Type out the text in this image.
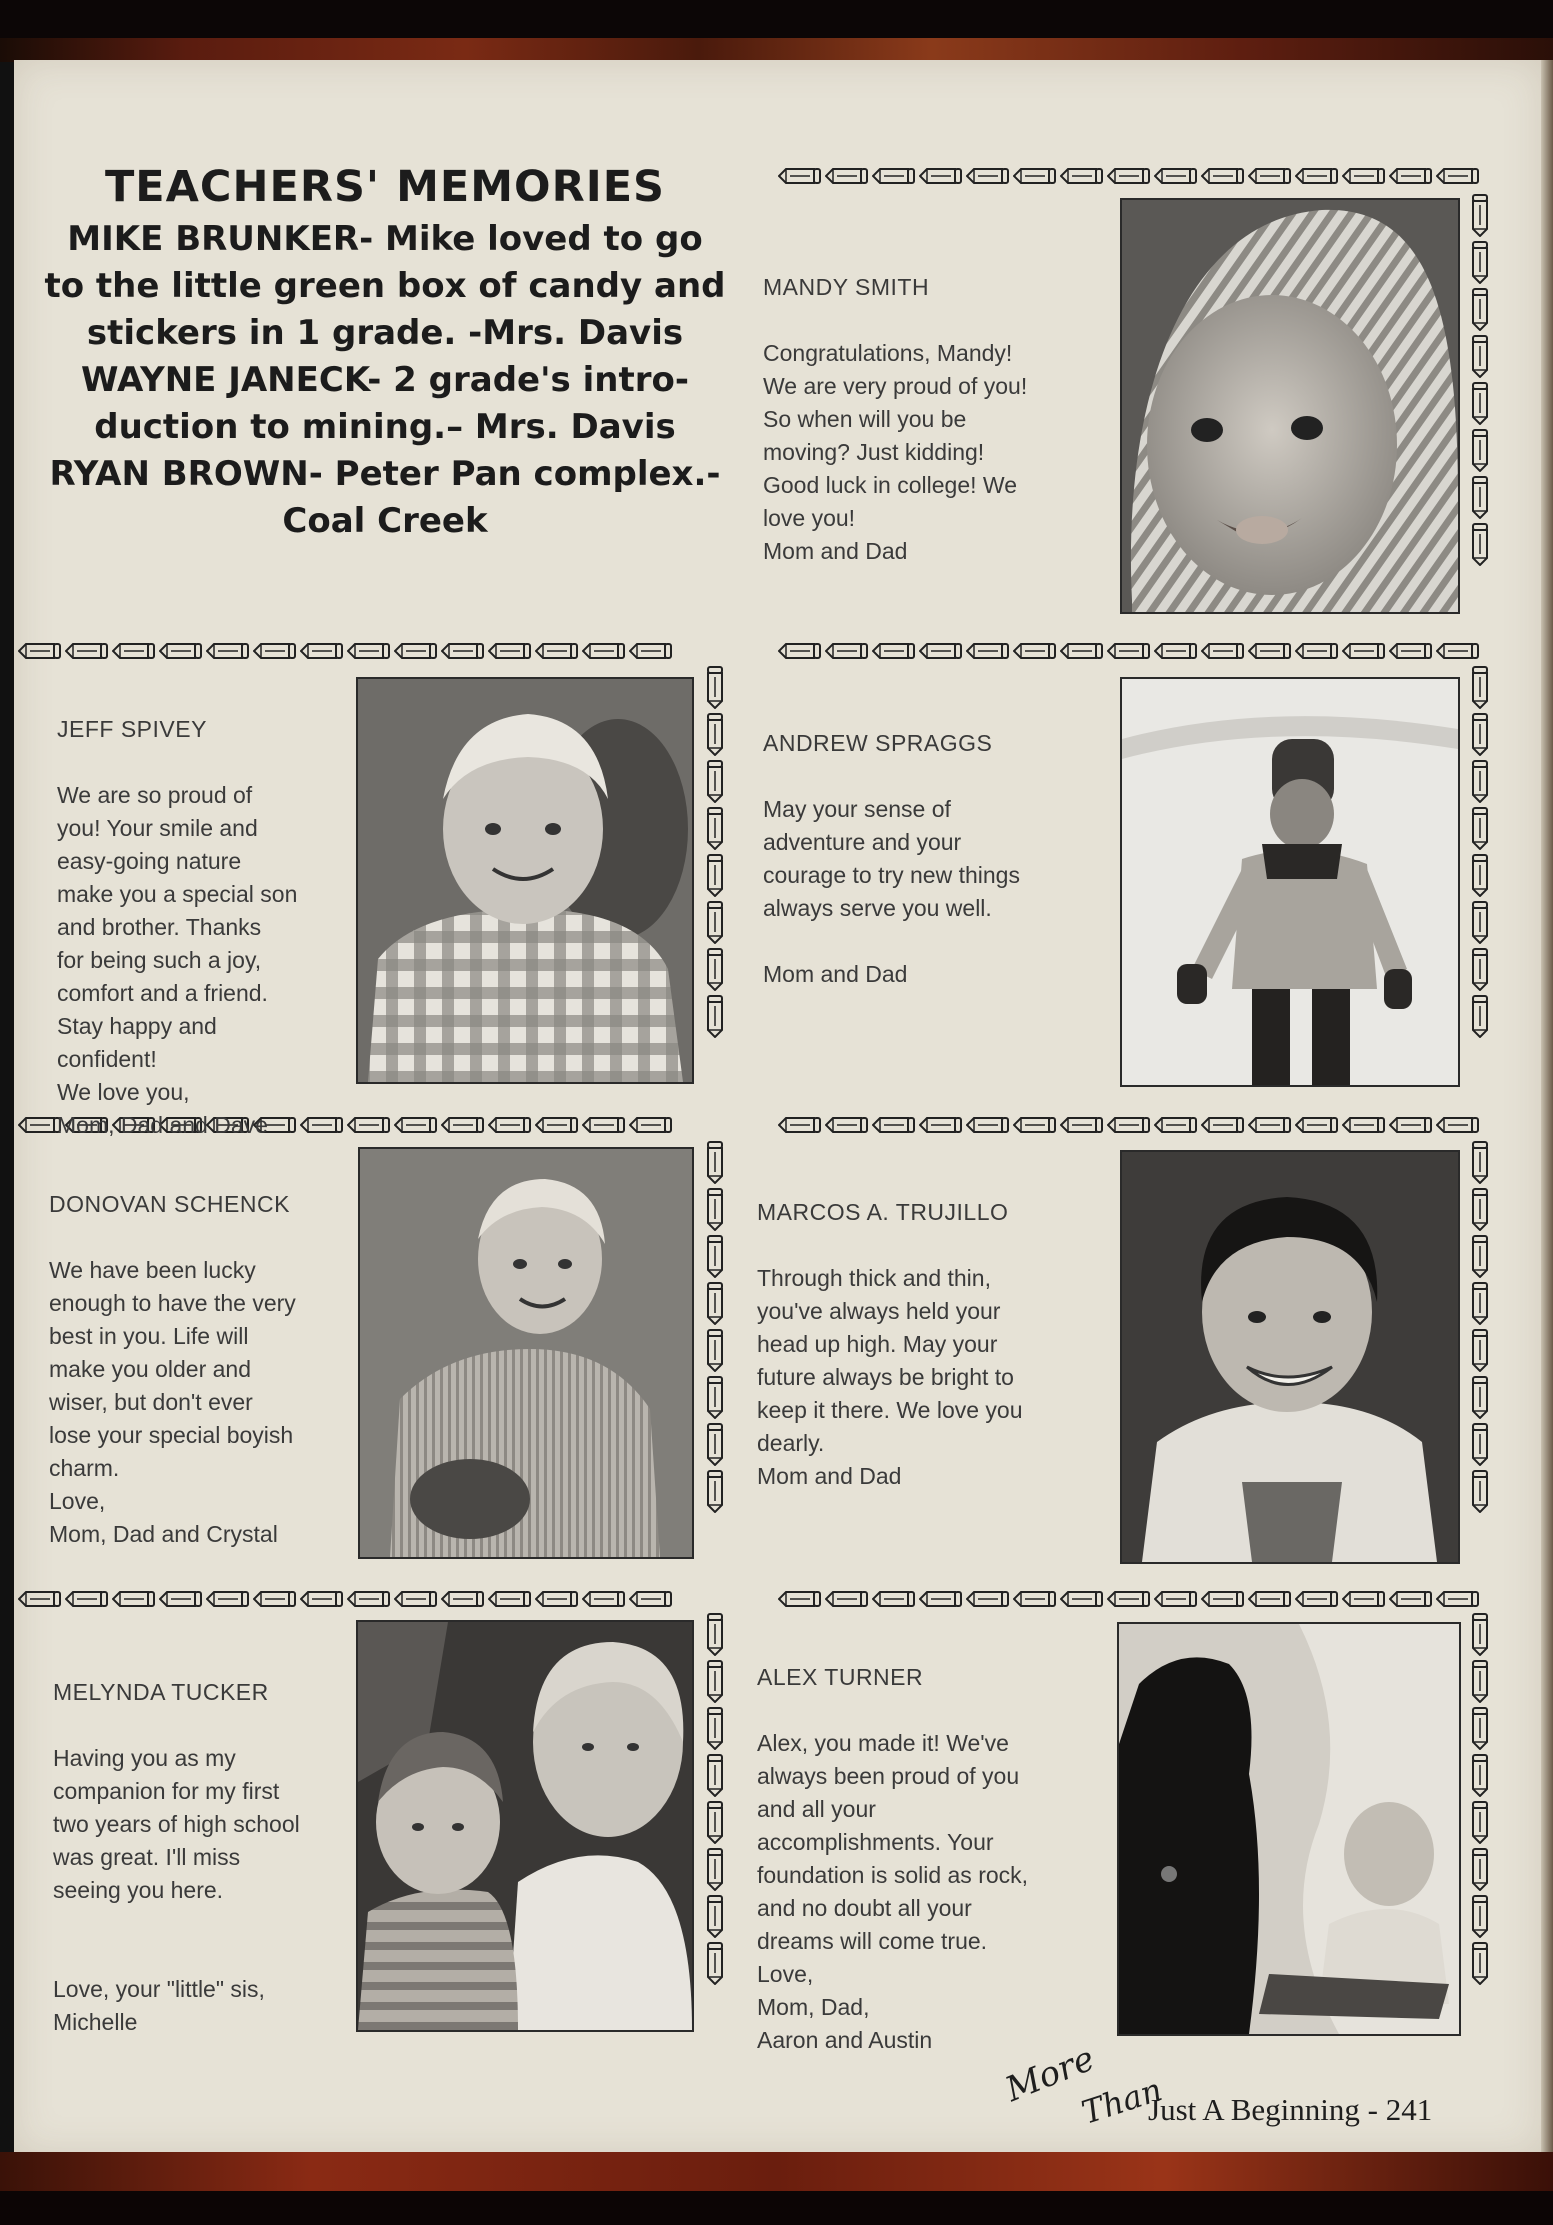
TEACHERS' MEMORIES
MIKE BRUNKER- Mike loved to go
to the little green box of candy and
stickers in 1 grade. -Mrs. Davis
WAYNE JANECK- 2 grade's intro-
duction to mining.– Mrs. Davis
RYAN BROWN- Peter Pan complex.-
Coal Creek

MANDY SMITH

Congratulations, Mandy!
We are very proud of you!
So when will you be
moving? Just kidding!
Good luck in college! We
love you!
Mom and Dad

JEFF SPIVEY

We are so proud of
you! Your smile and
easy-going nature
make you a special son
and brother. Thanks
for being such a joy,
comfort and a friend.
Stay happy and
confident!
We love you,
Mom, Dad and Dave

ANDREW SPRAGGS

May your sense of
adventure and your
courage to try new things
always serve you well.

Mom and Dad

DONOVAN SCHENCK

We have been lucky
enough to have the very
best in you. Life will
make you older and
wiser, but don't ever
lose your special boyish
charm.
Love,
Mom, Dad and Crystal

MARCOS A. TRUJILLO

Through thick and thin,
you've always held your
head up high. May your
future always be bright to
keep it there. We love you
dearly.
Mom and Dad

MELYNDA TUCKER

Having you as my
companion for my first
two years of high school
was great. I'll miss
seeing you here.

Love, your "little" sis,
Michelle

ALEX TURNER

Alex, you made it! We've
always been proud of you
and all your
accomplishments. Your
foundation is solid as rock,
and no doubt all your
dreams will come true.
Love,
Mom, Dad,
Aaron and Austin	More
Than
Just A Beginning - 241
